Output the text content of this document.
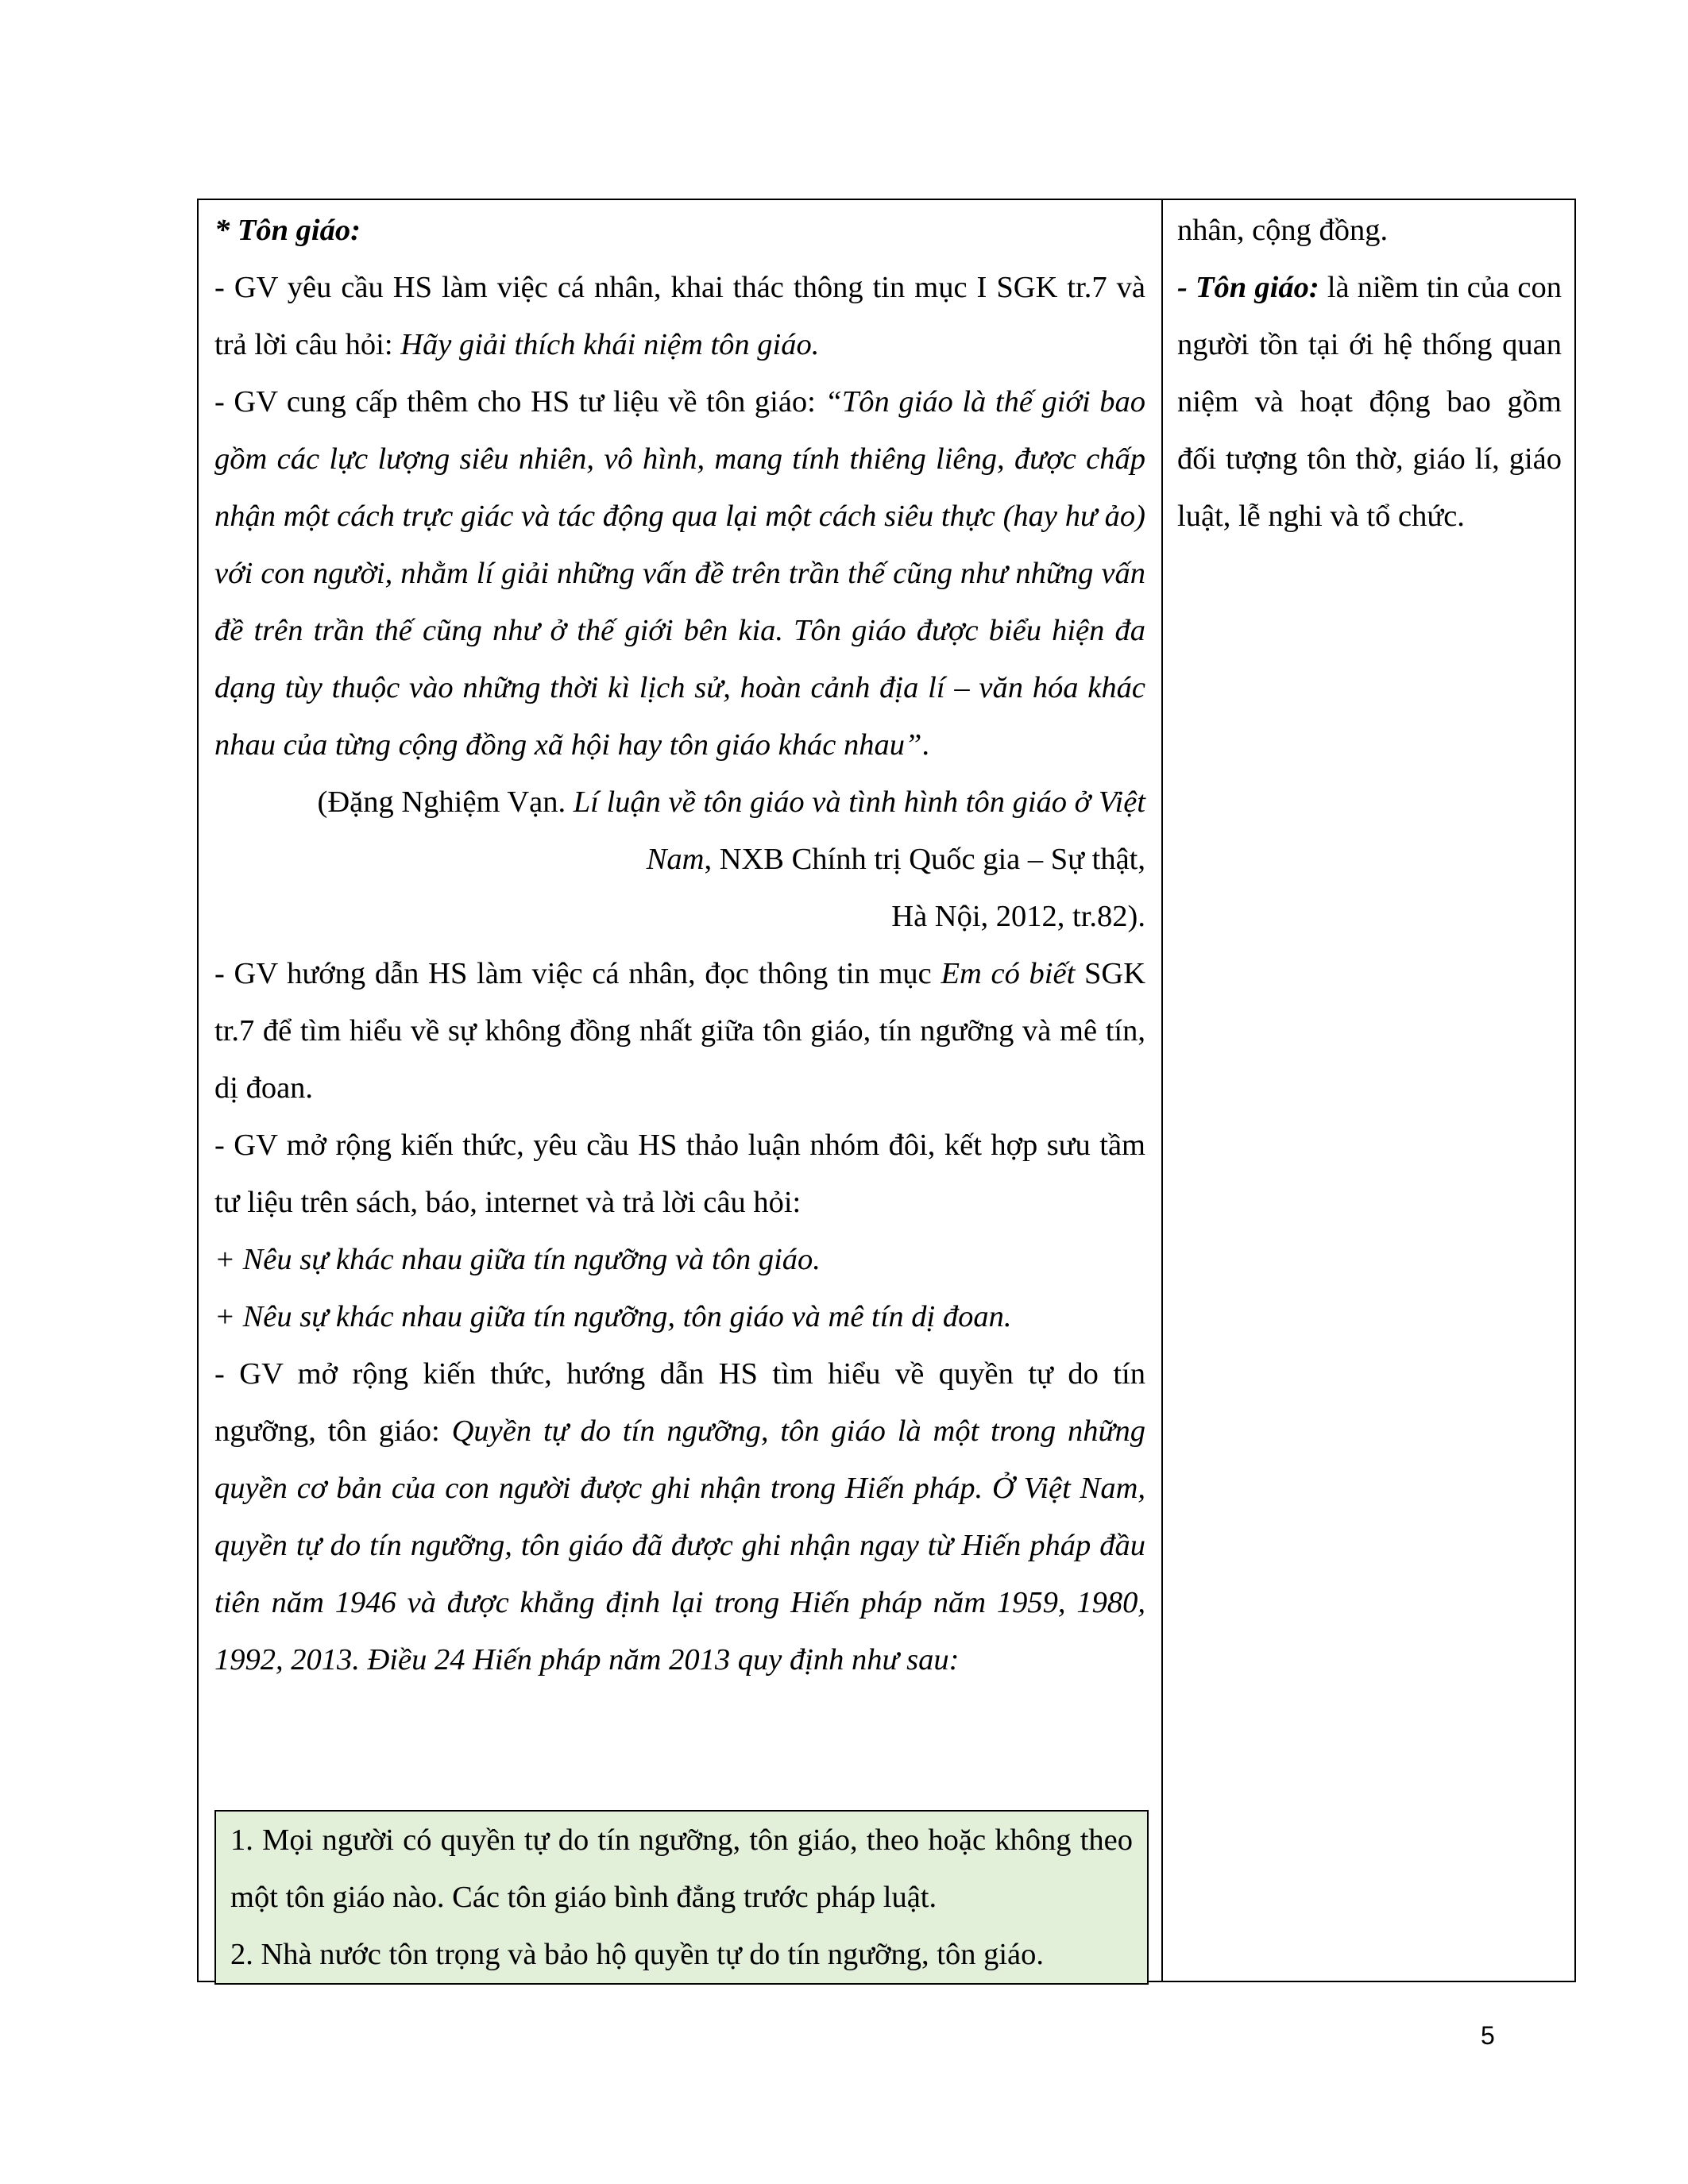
* Tôn giáo:

- GV yêu cầu HS làm việc cá nhân, khai thác thông tin mục I SGK tr.7 và trả lời câu hỏi: Hãy giải thích khái niệm tôn giáo.

- GV cung cấp thêm cho HS tư liệu về tôn giáo: “Tôn giáo là thế giới bao gồm các lực lượng siêu nhiên, vô hình, mang tính thiêng liêng, được chấp nhận một cách trực giác và tác động qua lại một cách siêu thực (hay hư ảo) với con người, nhằm lí giải những vấn đề trên trần thế cũng như những vấn đề trên trần thế cũng như ở thế giới bên kia. Tôn giáo được biểu hiện đa dạng tùy thuộc vào những thời kì lịch sử, hoàn cảnh địa lí – văn hóa khác nhau của từng cộng đồng xã hội hay tôn giáo khác nhau”.

(Đặng Nghiệm Vạn. Lí luận về tôn giáo và tình hình tôn giáo ở Việt

Nam, NXB Chính trị Quốc gia – Sự thật,

Hà Nội, 2012, tr.82).

- GV hướng dẫn HS làm việc cá nhân, đọc thông tin mục Em có biết SGK tr.7 để tìm hiểu về sự không đồng nhất giữa tôn giáo, tín ngưỡng và mê tín, dị đoan.

- GV mở rộng kiến thức, yêu cầu HS thảo luận nhóm đôi, kết hợp sưu tầm tư liệu trên sách, báo, internet và trả lời câu hỏi:

+ Nêu sự khác nhau giữa tín ngưỡng và tôn giáo.

+ Nêu sự khác nhau giữa tín ngưỡng, tôn giáo và mê tín dị đoan.

- GV mở rộng kiến thức, hướng dẫn HS tìm hiểu về quyền tự do tín ngưỡng, tôn giáo: Quyền tự do tín ngưỡng, tôn giáo là một trong những quyền cơ bản của con người được ghi nhận trong Hiến pháp. Ở Việt Nam, quyền tự do tín ngưỡng, tôn giáo đã được ghi nhận ngay từ Hiến pháp đầu tiên năm 1946 và được khẳng định lại trong Hiến pháp năm 1959, 1980, 1992, 2013. Điều 24 Hiến pháp năm 2013 quy định như sau:

1. Mọi người có quyền tự do tín ngưỡng, tôn giáo, theo hoặc không theo một tôn giáo nào. Các tôn giáo bình đẳng trước pháp luật.

2. Nhà nước tôn trọng và bảo hộ quyền tự do tín ngưỡng, tôn giáo.

nhân, cộng đồng.

- Tôn giáo: là niềm tin của con người tồn tại ới hệ thống quan niệm và hoạt động bao gồm đối tượng tôn thờ, giáo lí, giáo luật, lễ nghi và tổ chức.

5
